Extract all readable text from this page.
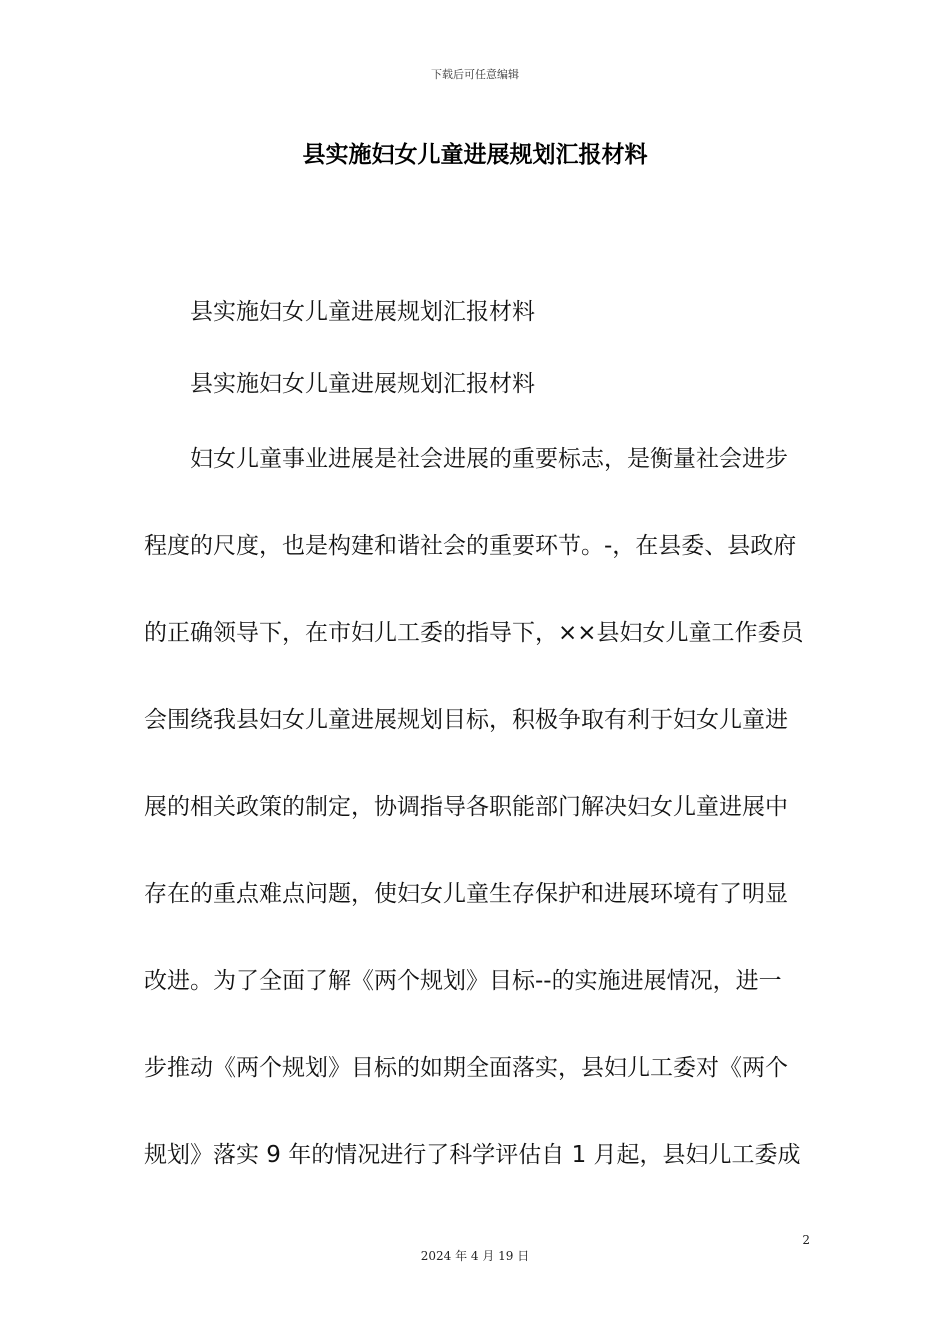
下载后可任意编辑
县实施妇女儿童进展规划汇报材料
县实施妇女儿童进展规划汇报材料
县实施妇女儿童进展规划汇报材料
妇女儿童事业进展是社会进展的重要标志，是衡量社会进步
程度的尺度，也是构建和谐社会的重要环节。-，在县委、县政府
的正确领导下，在市妇儿工委的指导下，××县妇女儿童工作委员
会围绕我县妇女儿童进展规划目标，积极争取有利于妇女儿童进
展的相关政策的制定，协调指导各职能部门解决妇女儿童进展中
存在的重点难点问题，使妇女儿童生存保护和进展环境有了明显
改进。为了全面了解《两个规划》目标--的实施进展情况，进一
步推动《两个规划》目标的如期全面落实，县妇儿工委对《两个
规划》落实 9 年的情况进行了科学评估自 1 月起，县妇儿工委成
2
2024 年 4 月 19 日
